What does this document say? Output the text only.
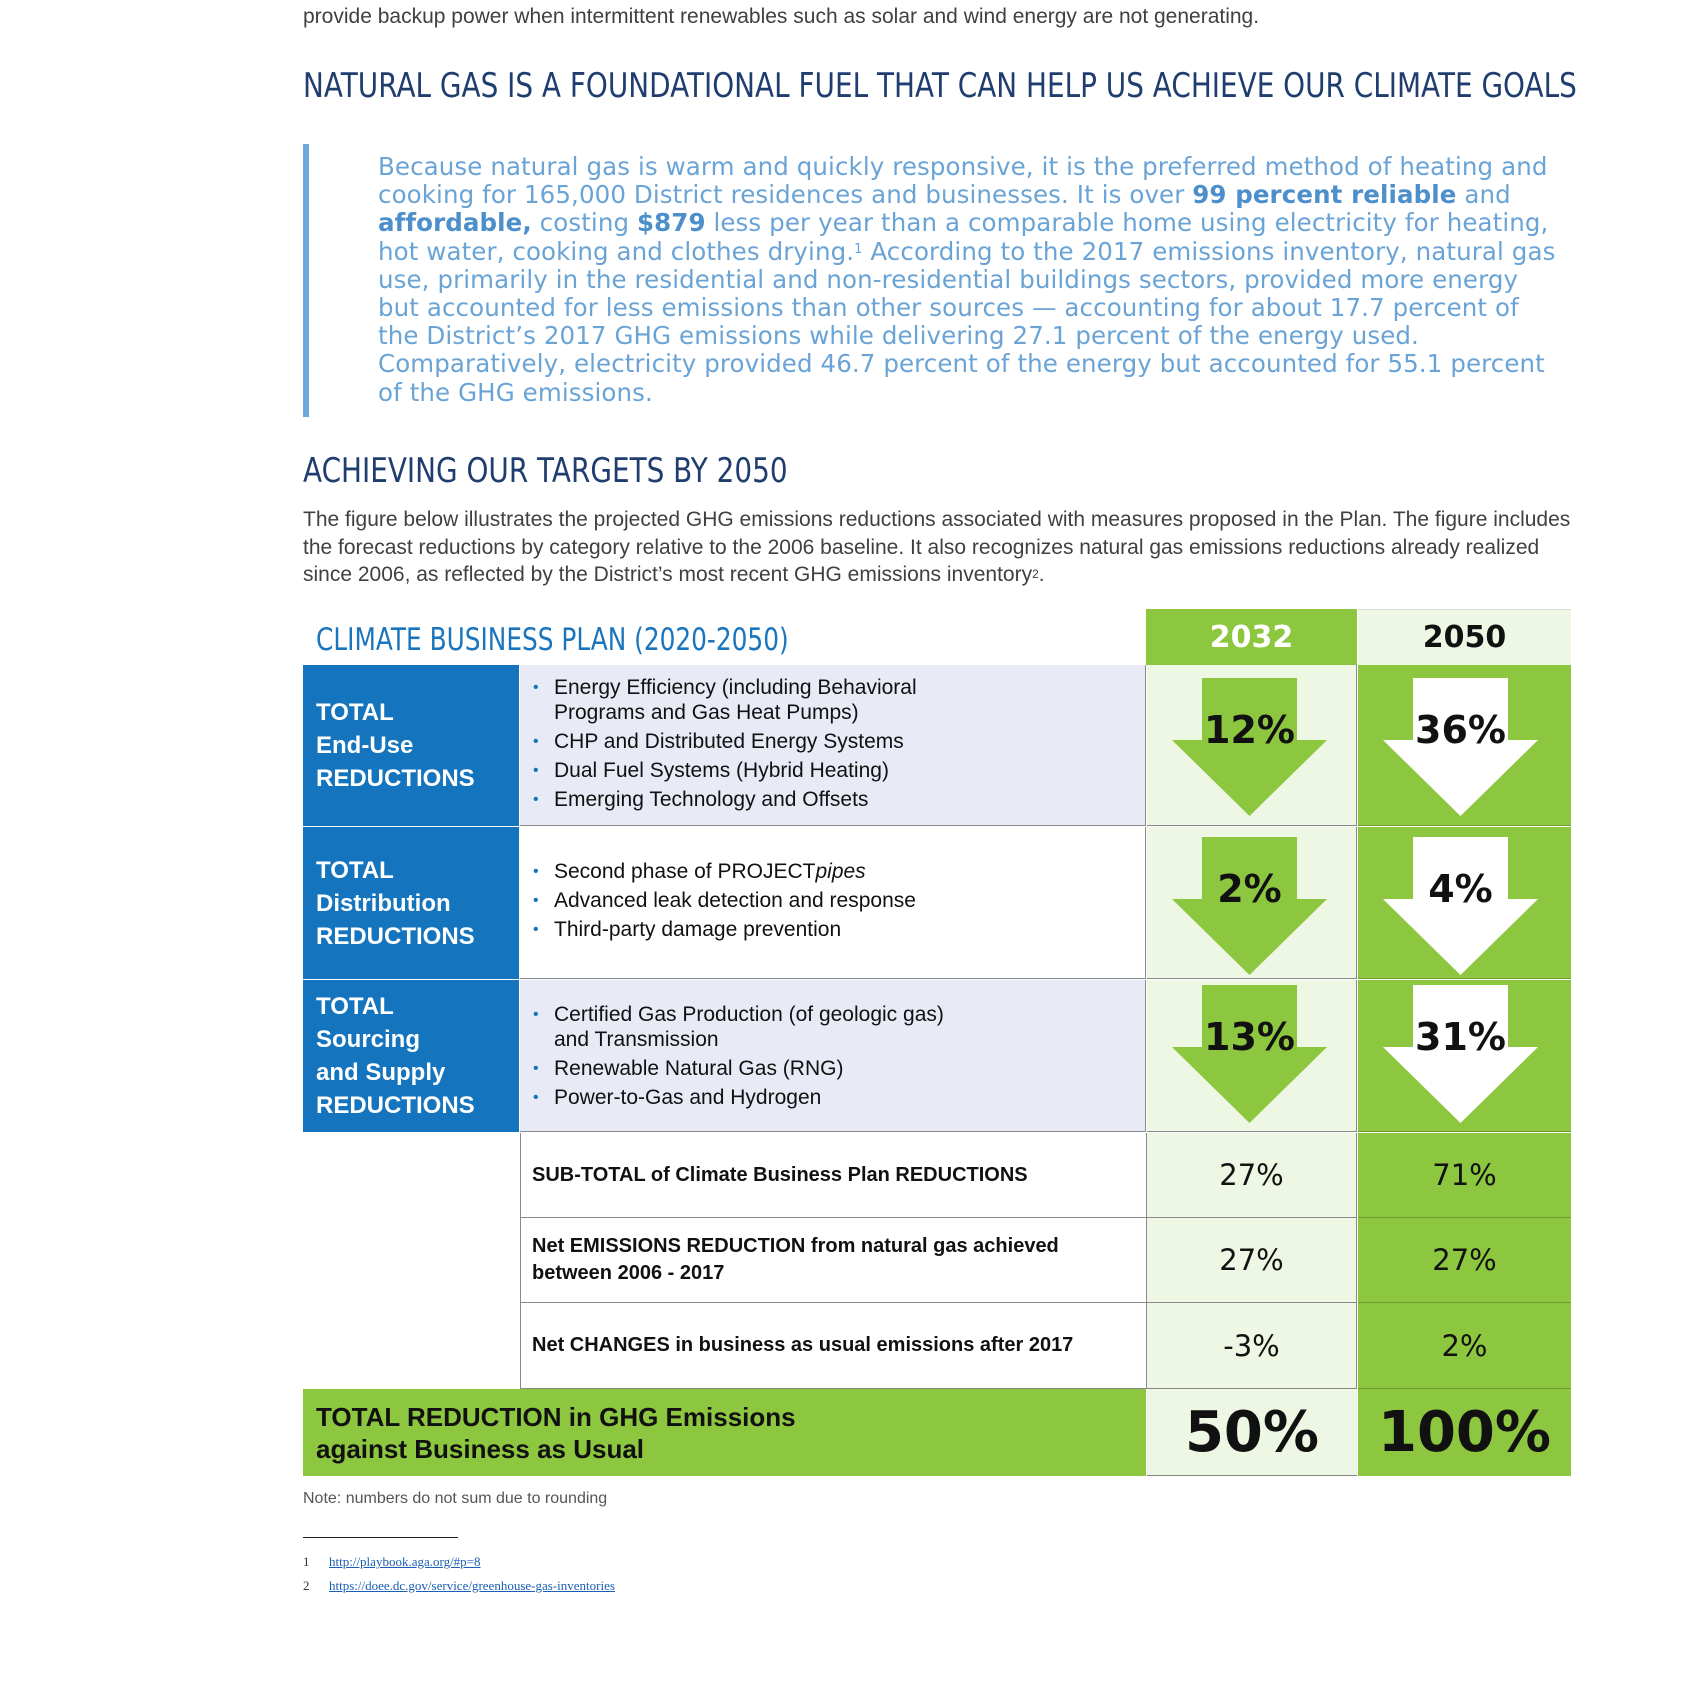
provide backup power when intermittent renewables such as solar and wind energy are not generating.
NATURAL GAS IS A FOUNDATIONAL FUEL THAT CAN HELP US ACHIEVE OUR CLIMATE GOALS
Because natural gas is warm and quickly responsive, it is the preferred method of heating and cooking for 165,000 District residences and businesses. It is over 99 percent reliable and affordable, costing $879 less per year than a comparable home using electricity for heating, hot water, cooking and clothes drying.$^1$ According to the 2017 emissions inventory, natural gas use, primarily in the residential and non-residential buildings sectors, provided more energy but accounted for less emissions than other sources — accounting for about 17.7 percent of the District’s 2017 GHG emissions while delivering 27.1 percent of the energy used. Comparatively, electricity provided 46.7 percent of the energy but accounted for 55.1 percent of the GHG emissions.
ACHIEVING OUR TARGETS BY 2050
The figure below illustrates the projected GHG emissions reductions associated with measures proposed in the Plan. The figure includes the forecast reductions by category relative to the 2006 baseline. It also recognizes natural gas emissions reductions already realized since 2006, as reflected by the District’s most recent GHG emissions inventory$^2$.
CLIMATE BUSINESS PLAN (2020-2050)	2032	2050
TOTAL
End-Use
REDUCTIONS
• Energy Efficiency (including Behavioral Programs and Gas Heat Pumps)
• CHP and Distributed Energy Systems
• Dual Fuel Systems (Hybrid Heating)
• Emerging Technology and Offsets
12%	36%
TOTAL
Distribution
REDUCTIONS
• Second phase of PROJECTpipes
• Advanced leak detection and response
• Third-party damage prevention
2%	4%
TOTAL
Sourcing
and Supply
REDUCTIONS
• Certified Gas Production (of geologic gas) and Transmission
• Renewable Natural Gas (RNG)
• Power-to-Gas and Hydrogen
13%	31%
SUB-TOTAL of Climate Business Plan REDUCTIONS	27%	71%
Net EMISSIONS REDUCTION from natural gas achieved between 2006 - 2017	27%	27%
Net CHANGES in business as usual emissions after 2017	-3%	2%
TOTAL REDUCTION in GHG Emissions
against Business as Usual	50%	100%
Note: numbers do not sum due to rounding
1 http://playbook.aga.org/#p=8
2 https://doee.dc.gov/service/greenhouse-gas-inventories
